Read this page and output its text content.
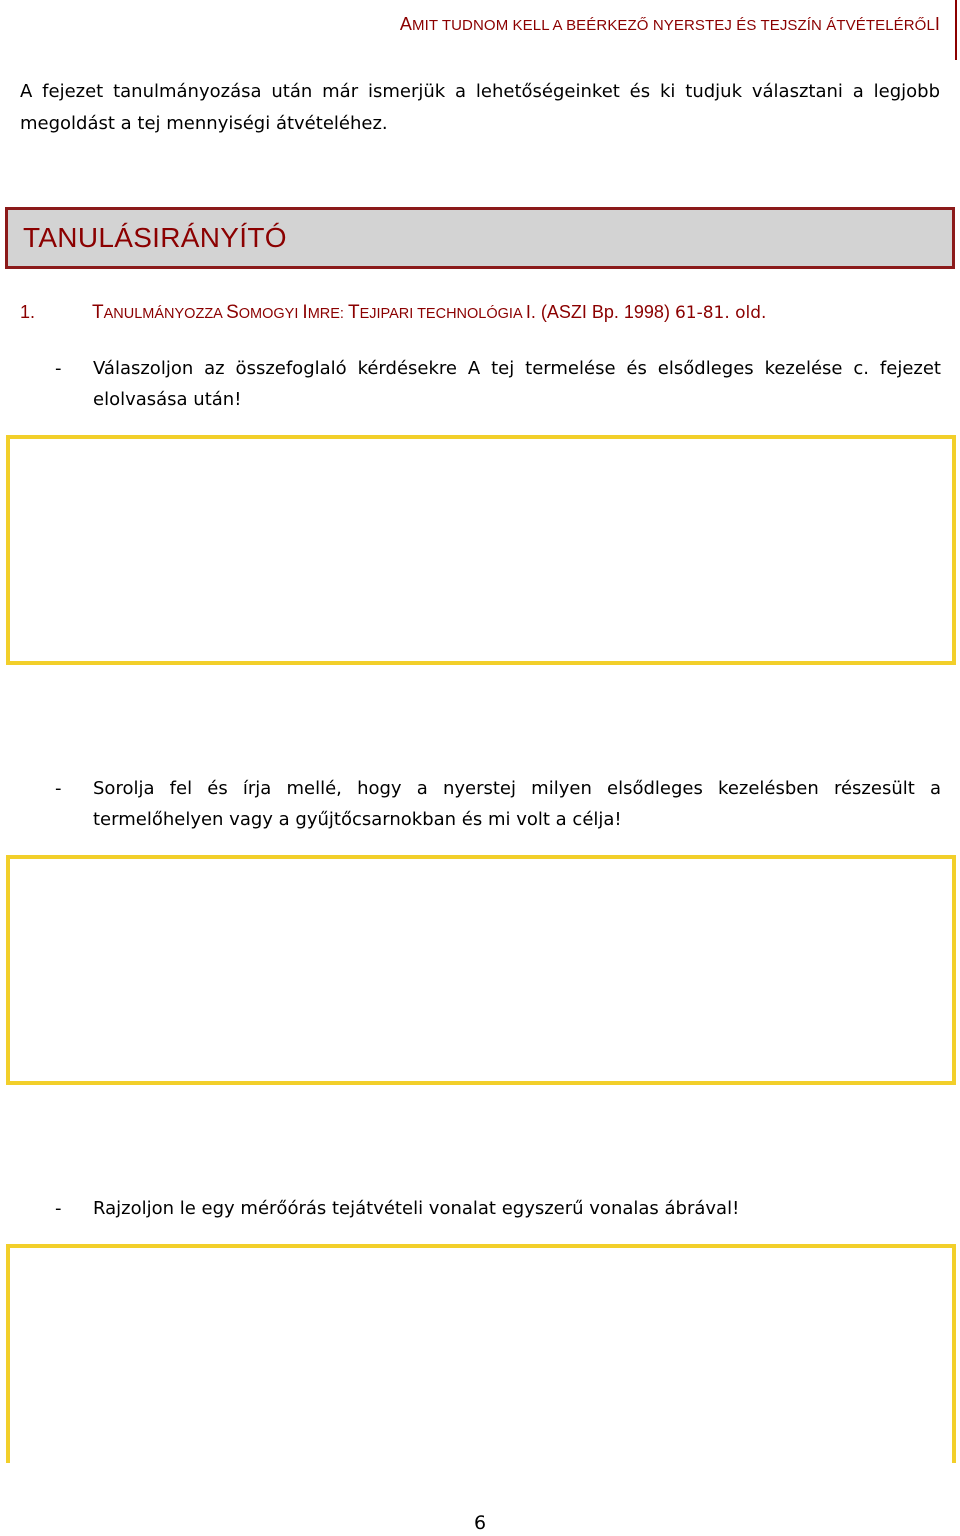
AMIT TUDNOM KELL A BEÉRKEZŐ NYERSTEJ ÉS TEJSZÍN ÁTVÉTELÉRŐLI
A fejezet tanulmányozása után már ismerjük a lehetőségeinket és ki tudjuk választani a legjobb megoldást a tej mennyiségi átvételéhez.
TANULÁSIRÁNYÍTÓ
1.	TANULMÁNYOZZA SOMOGYI IMRE: TEJIPARI TECHNOLÓGIA I. (ASZI Bp. 1998) 61-81. old.
- Válaszoljon az összefoglaló kérdésekre A tej termelése és elsődleges kezelése c. fejezet elolvasása után!
- Sorolja fel és írja mellé, hogy a nyerstej milyen elsődleges kezelésben részesült a termelőhelyen vagy a gyűjtőcsarnokban és mi volt a célja!
- Rajzoljon le egy mérőórás tejátvételi vonalat egyszerű vonalas ábrával!
6
